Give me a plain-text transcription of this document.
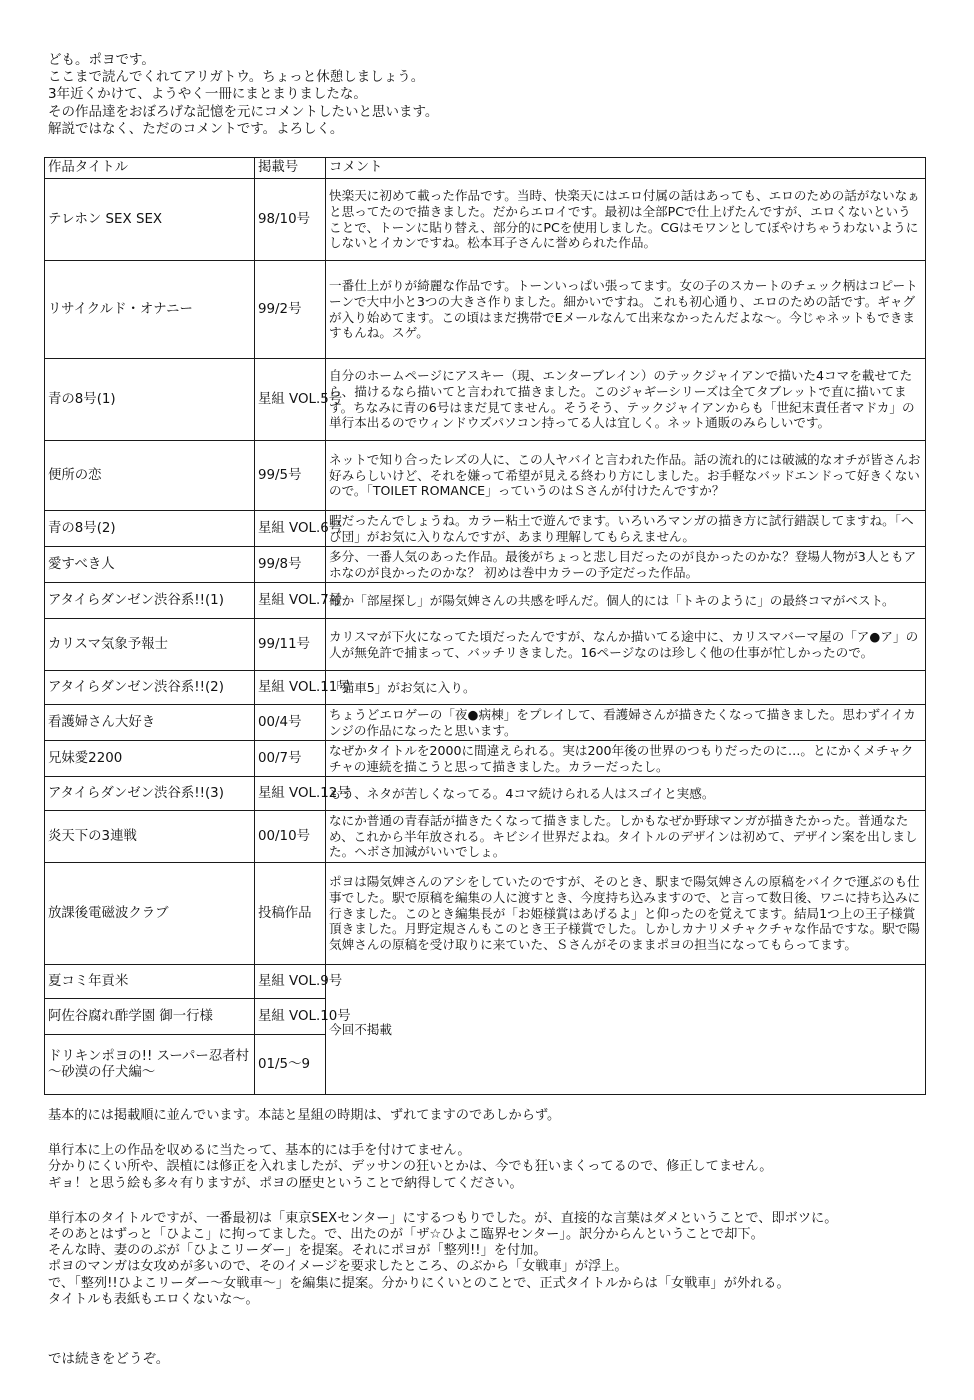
ども。ポヨです。
ここまで読んでくれてアリガトウ。ちょっと休憩しましょう。
3年近くかけて、ようやく一冊にまとまりましたな。
その作品達をおぼろげな記憶を元にコメントしたいと思います。
解説ではなく、ただのコメントです。よろしく。
作品タイトル	掲載号	コメント
テレホン SEX SEX	98/10号	快楽天に初めて載った作品です。当時、快楽天にはエロ付属の話はあっても、エロのための話がないなぁと思ってたので描きました。だからエロイです。最初は全部PCで仕上げたんですが、エロくないということで、トーンに貼り替え、部分的にPCを使用しました。CGはモワンとしてぼやけちゃうわないようにしないとイカンですね。松本耳子さんに誉められた作品。
リサイクルド・オナニー	99/2号	一番仕上がりが綺麗な作品です。トーンいっぱい張ってます。女の子のスカートのチェック柄はコピートーンで大中小と3つの大きさ作りました。細かいですね。これも初心通り、エロのための話です。ギャグが入り始めてます。この頃はまだ携帯でEメールなんて出来なかったんだよな～。今じゃネットもできますもんね。スゲ。
青の8号(1)	星組 VOL.5号	自分のホームページにアスキー（現、エンターブレイン）のテックジャイアンで描いた4コマを載せてたら、描けるなら描いてと言われて描きました。このジャギーシリーズは全てタブレットで直に描いてます。ちなみに青の6号はまだ見てません。そうそう、テックジャイアンからも「世紀末責任者マドカ」の単行本出るのでウィンドウズパソコン持ってる人は宜しく。ネット通販のみらしいです。
便所の恋	99/5号	ネットで知り合ったレズの人に、この人ヤバイと言われた作品。話の流れ的には破滅的なオチが皆さんお好みらしいけど、それを嫌って希望が見える終わり方にしました。お手軽なバッドエンドって好きくないので。「TOILET ROMANCE」っていうのはＳさんが付けたんですか？
青の8号(2)	星組 VOL.6号	暇だったんでしょうね。カラー粘土で遊んでます。いろいろマンガの描き方に試行錯誤してますね。「へび団」がお気に入りなんですが、あまり理解してもらえません。
愛すべき人	99/8号	多分、一番人気のあった作品。最後がちょっと悲し目だったのが良かったのかな？登場人物が3人ともアホなのが良かったのかな？ 初めは巻中カラーの予定だった作品。
アタイらダンゼン渋谷系!!(1)	星組 VOL.7号	確か「部屋探し」が陽気婢さんの共感を呼んだ。個人的には「トキのように」の最終コマがベスト。
カリスマ気象予報士	99/11号	カリスマが下火になってた頃だったんですが、なんか描いてる途中に、カリスマバーマ屋の「ア●ア」の人が無免許で捕まって、バッチリきました。16ページなのは珍しく他の仕事が忙しかったので。
アタイらダンゼン渋谷系!!(2)	星組 VOL.11号	「猫車5」がお気に入り。
看護婦さん大好き	00/4号	ちょうどエロゲーの「夜●病棟」をプレイして、看護婦さんが描きたくなって描きました。思わずイイカンジの作品になったと思います。
兄妹愛2200	00/7号	なぜかタイトルを2000に間違えられる。実は200年後の世界のつもりだったのに…。とにかくメチャクチャの連続を描こうと思って描きました。カラーだったし。
アタイらダンゼン渋谷系!!(3)	星組 VOL.12号	もう、ネタが苦しくなってる。4コマ続けられる人はスゴイと実感。
炎天下の3連戦	00/10号	なにか普通の青春話が描きたくなって描きました。しかもなぜか野球マンガが描きたかった。普通なため、これから半年放される。キビシイ世界だよね。タイトルのデザインは初めて、デザイン案を出しました。ヘボさ加減がいいでしょ。
放課後電磁波クラブ	投稿作品	ポヨは陽気婢さんのアシをしていたのですが、そのとき、駅まで陽気婢さんの原稿をバイクで運ぶのも仕事でした。駅で原稿を編集の人に渡すとき、今度持ち込みますので、と言って数日後、ワニに持ち込みに行きました。このとき編集長が「お姫様賞はあげるよ」と仰ったのを覚えてます。結局1つ上の王子様賞頂きました。月野定規さんもこのとき王子様賞でした。しかしカナリメチャクチャな作品ですな。駅で陽気婢さんの原稿を受け取りに来ていた、Ｓさんがそのままポヨの担当になってもらってます。
夏コミ年貢米	星組 VOL.9号	今回不掲載
阿佐谷腐れ酢学園 御一行様	星組 VOL.10号	
ドリキンポヨの!! スーパー忍者村 ～砂漠の仔犬編～	01/5～9	
基本的には掲載順に並んでいます。本誌と星組の時期は、ずれてますのであしからず。
単行本に上の作品を収めるに当たって、基本的には手を付けてません。
分かりにくい所や、誤植には修正を入れましたが、デッサンの狂いとかは、今でも狂いまくってるので、修正してません。
ギョ！と思う絵も多々有りますが、ポヨの歴史ということで納得してください。
単行本のタイトルですが、一番最初は「東京SEXセンター」にするつもりでした。が、直接的な言葉はダメということで、即ボツに。
そのあとはずっと「ひよこ」に拘ってました。で、出たのが「ザ☆ひよこ臨界センター」。訳分からんということで却下。
そんな時、妻ののぶが「ひよこリーダー」を提案。それにポヨが「整列!!」を付加。
ポヨのマンガは女攻めが多いので、そのイメージを要求したところ、のぶから「女戦車」が浮上。
で、「整列!!ひよこリーダー～女戦車～」を編集に提案。分かりにくいとのことで、正式タイトルからは「女戦車」が外れる。
タイトルも表紙もエロくないな～。
では続きをどうぞ。
